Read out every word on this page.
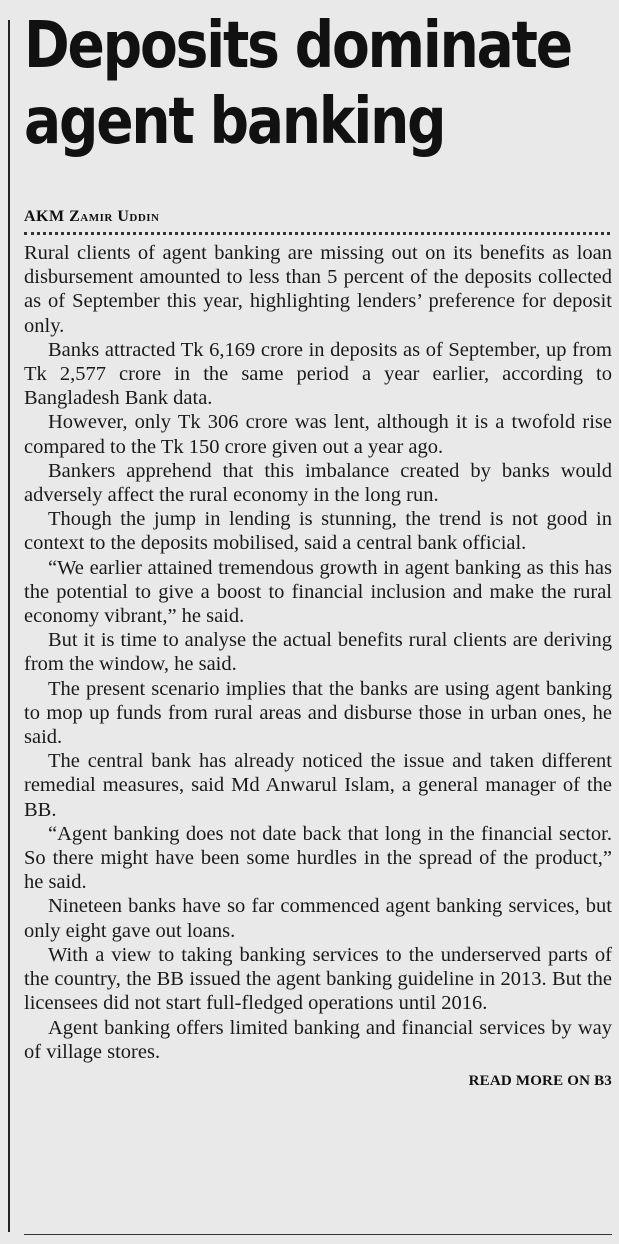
Deposits dominate
agent banking
AKM Zamir Uddin

Rural clients of agent banking are missing out on its benefits as loan disbursement amounted to less than 5 percent of the deposits collected as of September this year, highlighting lenders’ preference for deposit only.

Banks attracted Tk 6,169 crore in deposits as of September, up from Tk 2,577 crore in the same period a year earlier, according to Bangladesh Bank data.

However, only Tk 306 crore was lent, although it is a twofold rise compared to the Tk 150 crore given out a year ago.

Bankers apprehend that this imbalance created by banks would adversely affect the rural economy in the long run.

Though the jump in lending is stunning, the trend is not good in context to the deposits mobilised, said a central bank official.

“We earlier attained tremendous growth in agent banking as this has the potential to give a boost to financial inclusion and make the rural economy vibrant,” he said.

But it is time to analyse the actual benefits rural clients are deriving from the window, he said.

The present scenario implies that the banks are using agent banking to mop up funds from rural areas and disburse those in urban ones, he said.

The central bank has already noticed the issue and taken different remedial measures, said Md Anwarul Islam, a general manager of the BB.

“Agent banking does not date back that long in the financial sector. So there might have been some hurdles in the spread of the product,” he said.

Nineteen banks have so far commenced agent banking services, but only eight gave out loans.

With a view to taking banking services to the underserved parts of the country, the BB issued the agent banking guideline in 2013. But the licensees did not start full-fledged operations until 2016.

Agent banking offers limited banking and financial services by way of village stores.

READ MORE ON B3
